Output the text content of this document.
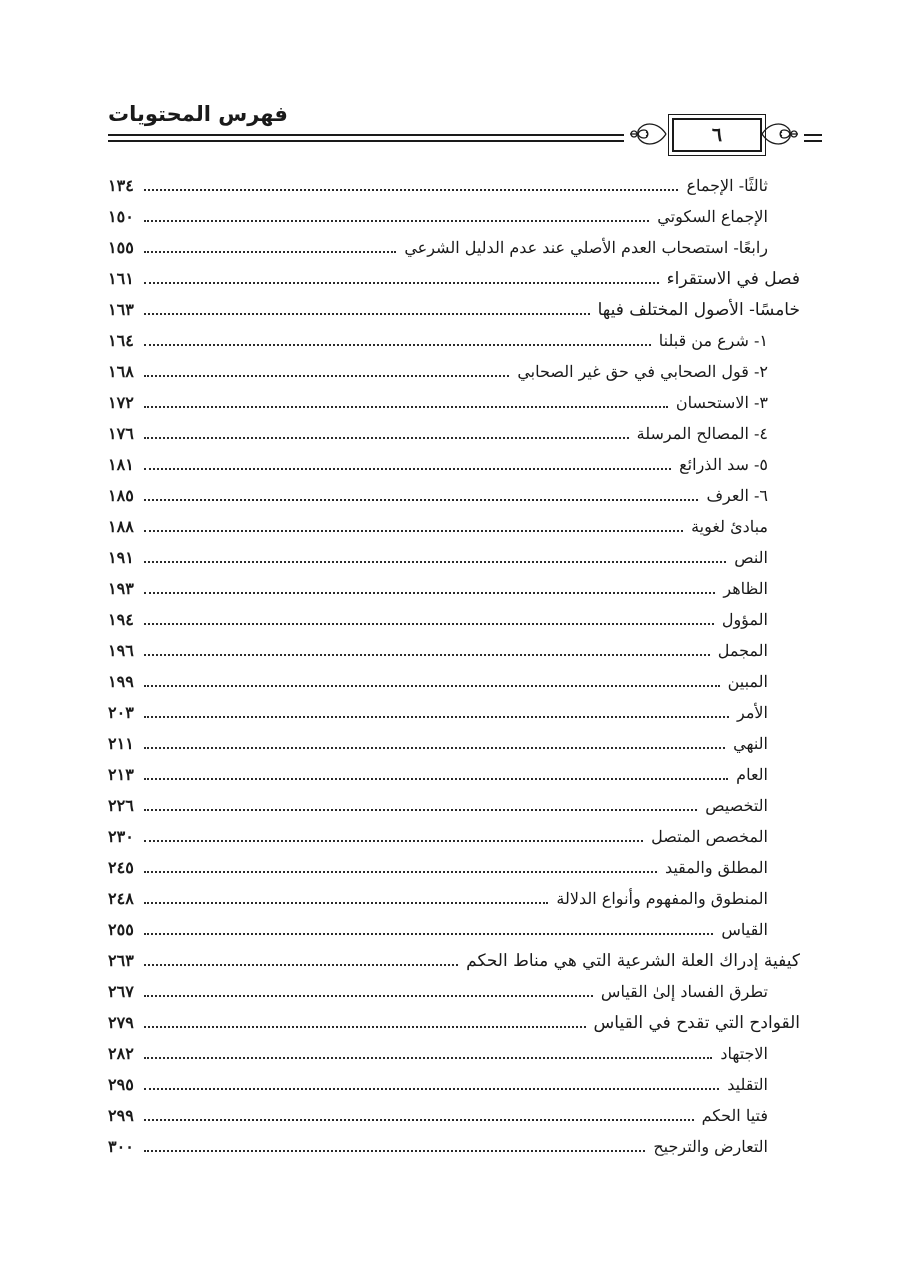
فهرس المحتويات
٦
ثالثًا- الإجماع
١٣٤
الإجماع السكوتي
١٥٠
رابعًا- استصحاب العدم الأصلي عند عدم الدليل الشرعي
١٥٥
فصل في الاستقراء
١٦١
خامسًا- الأصول المختلف فيها
١٦٣
١- شرع من قبلنا
١٦٤
٢- قول الصحابي في حق غير الصحابي
١٦٨
٣- الاستحسان
١٧٢
٤- المصالح المرسلة
١٧٦
٥- سد الذرائع
١٨١
٦- العرف
١٨٥
مبادئ لغوية
١٨٨
النص
١٩١
الظاهر
١٩٣
المؤول
١٩٤
المجمل
١٩٦
المبين
١٩٩
الأمر
٢٠٣
النهي
٢١١
العام
٢١٣
التخصيص
٢٢٦
المخصص المتصل
٢٣٠
المطلق والمقيد
٢٤٥
المنطوق والمفهوم وأنواع الدلالة
٢٤٨
القياس
٢٥٥
كيفية إدراك العلة الشرعية التي هي مناط الحكم
٢٦٣
تطرق الفساد إلىٰ القياس
٢٦٧
القوادح التي تقدح في القياس
٢٧٩
الاجتهاد
٢٨٢
التقليد
٢٩٥
فتيا الحكم
٢٩٩
التعارض والترجيح
٣٠٠
